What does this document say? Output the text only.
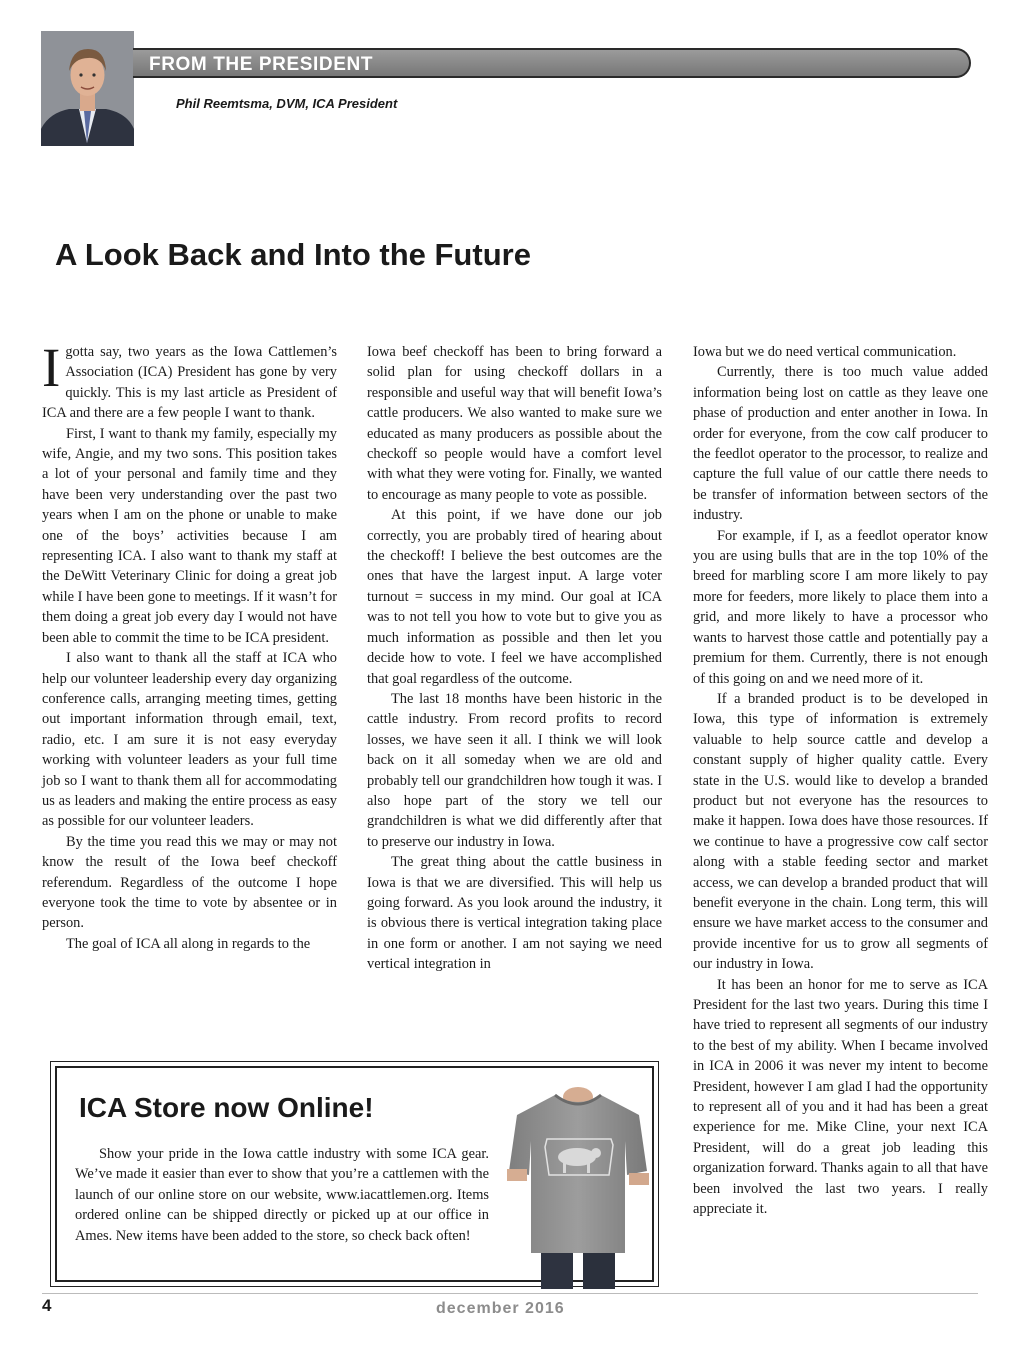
FROM THE PRESIDENT
Phil Reemtsma, DVM, ICA President
A Look Back and Into the Future

Igotta say, two years as the Iowa Cattlemen’s Association (ICA) President has gone by very quickly. This is my last article as President of ICA and there are a few people I want to thank.

First, I want to thank my family, especially my wife, Angie, and my two sons. This position takes a lot of your personal and family time and they have been very understanding over the past two years when I am on the phone or unable to make one of the boys’ activities because I am representing ICA. I also want to thank my staff at the DeWitt Veterinary Clinic for doing a great job while I have been gone to meetings. If it wasn’t for them doing a great job every day I would not have been able to commit the time to be ICA president.

I also want to thank all the staff at ICA who help our volunteer leadership every day organizing conference calls, arranging meeting times, getting out important information through email, text, radio, etc. I am sure it is not easy everyday working with volunteer leaders as your full time job so I want to thank them all for accommodating us as leaders and making the entire process as easy as possible for our volunteer leaders.

By the time you read this we may or may not know the result of the Iowa beef checkoff referendum. Regardless of the outcome I hope everyone took the time to vote by absentee or in person.

The goal of ICA all along in regards to the

Iowa beef checkoff has been to bring forward a solid plan for using checkoff dollars in a responsible and useful way that will benefit Iowa’s cattle producers. We also wanted to make sure we educated as many producers as possible about the checkoff so people would have a comfort level with what they were voting for. Finally, we wanted to encourage as many people to vote as possible.

At this point, if we have done our job correctly, you are probably tired of hearing about the checkoff! I believe the best outcomes are the ones that have the largest input. A large voter turnout = success in my mind. Our goal at ICA was to not tell you how to vote but to give you as much information as possible and then let you decide how to vote. I feel we have accomplished that goal regardless of the outcome.

The last 18 months have been historic in the cattle industry. From record profits to record losses, we have seen it all. I think we will look back on it all someday when we are old and probably tell our grandchildren how tough it was. I also hope part of the story we tell our grandchildren is what we did differently after that to preserve our industry in Iowa.

The great thing about the cattle business in Iowa is that we are diversified. This will help us going forward. As you look around the industry, it is obvious there is vertical integration taking place in one form or another. I am not saying we need vertical integration in

Iowa but we do need vertical communication.

Currently, there is too much value added information being lost on cattle as they leave one phase of production and enter another in Iowa. In order for everyone, from the cow calf producer to the feedlot operator to the processor, to realize and capture the full value of our cattle there needs to be transfer of information between sectors of the industry.

For example, if I, as a feedlot operator know you are using bulls that are in the top 10% of the breed for marbling score I am more likely to pay more for feeders, more likely to place them into a grid, and more likely to have a processor who wants to harvest those cattle and potentially pay a premium for them. Currently, there is not enough of this going on and we need more of it.

If a branded product is to be developed in Iowa, this type of information is extremely valuable to help source cattle and develop a constant supply of higher quality cattle. Every state in the U.S. would like to develop a branded product but not everyone has the resources to make it happen. Iowa does have those resources. If we continue to have a progressive cow calf sector along with a stable feeding sector and market access, we can develop a branded product that will benefit everyone in the chain. Long term, this will ensure we have market access to the consumer and provide incentive for us to grow all segments of our industry in Iowa.

It has been an honor for me to serve as ICA President for the last two years. During this time I have tried to represent all segments of our industry to the best of my ability. When I became involved in ICA in 2006 it was never my intent to become President, however I am glad I had the opportunity to represent all of you and it had has been a great experience for me. Mike Cline, your next ICA President, will do a great job leading this organization forward. Thanks again to all that have been involved the last two years. I really appreciate it.

ICA Store now Online!

Show your pride in the Iowa cattle industry with some ICA gear. We’ve made it easier than ever to show that you’re a cattlemen with the launch of our online store on our website, www.iacattlemen.org. Items ordered online can be shipped directly or picked up at our office in Ames. New items have been added to the store, so check back often!

4	december 2016
